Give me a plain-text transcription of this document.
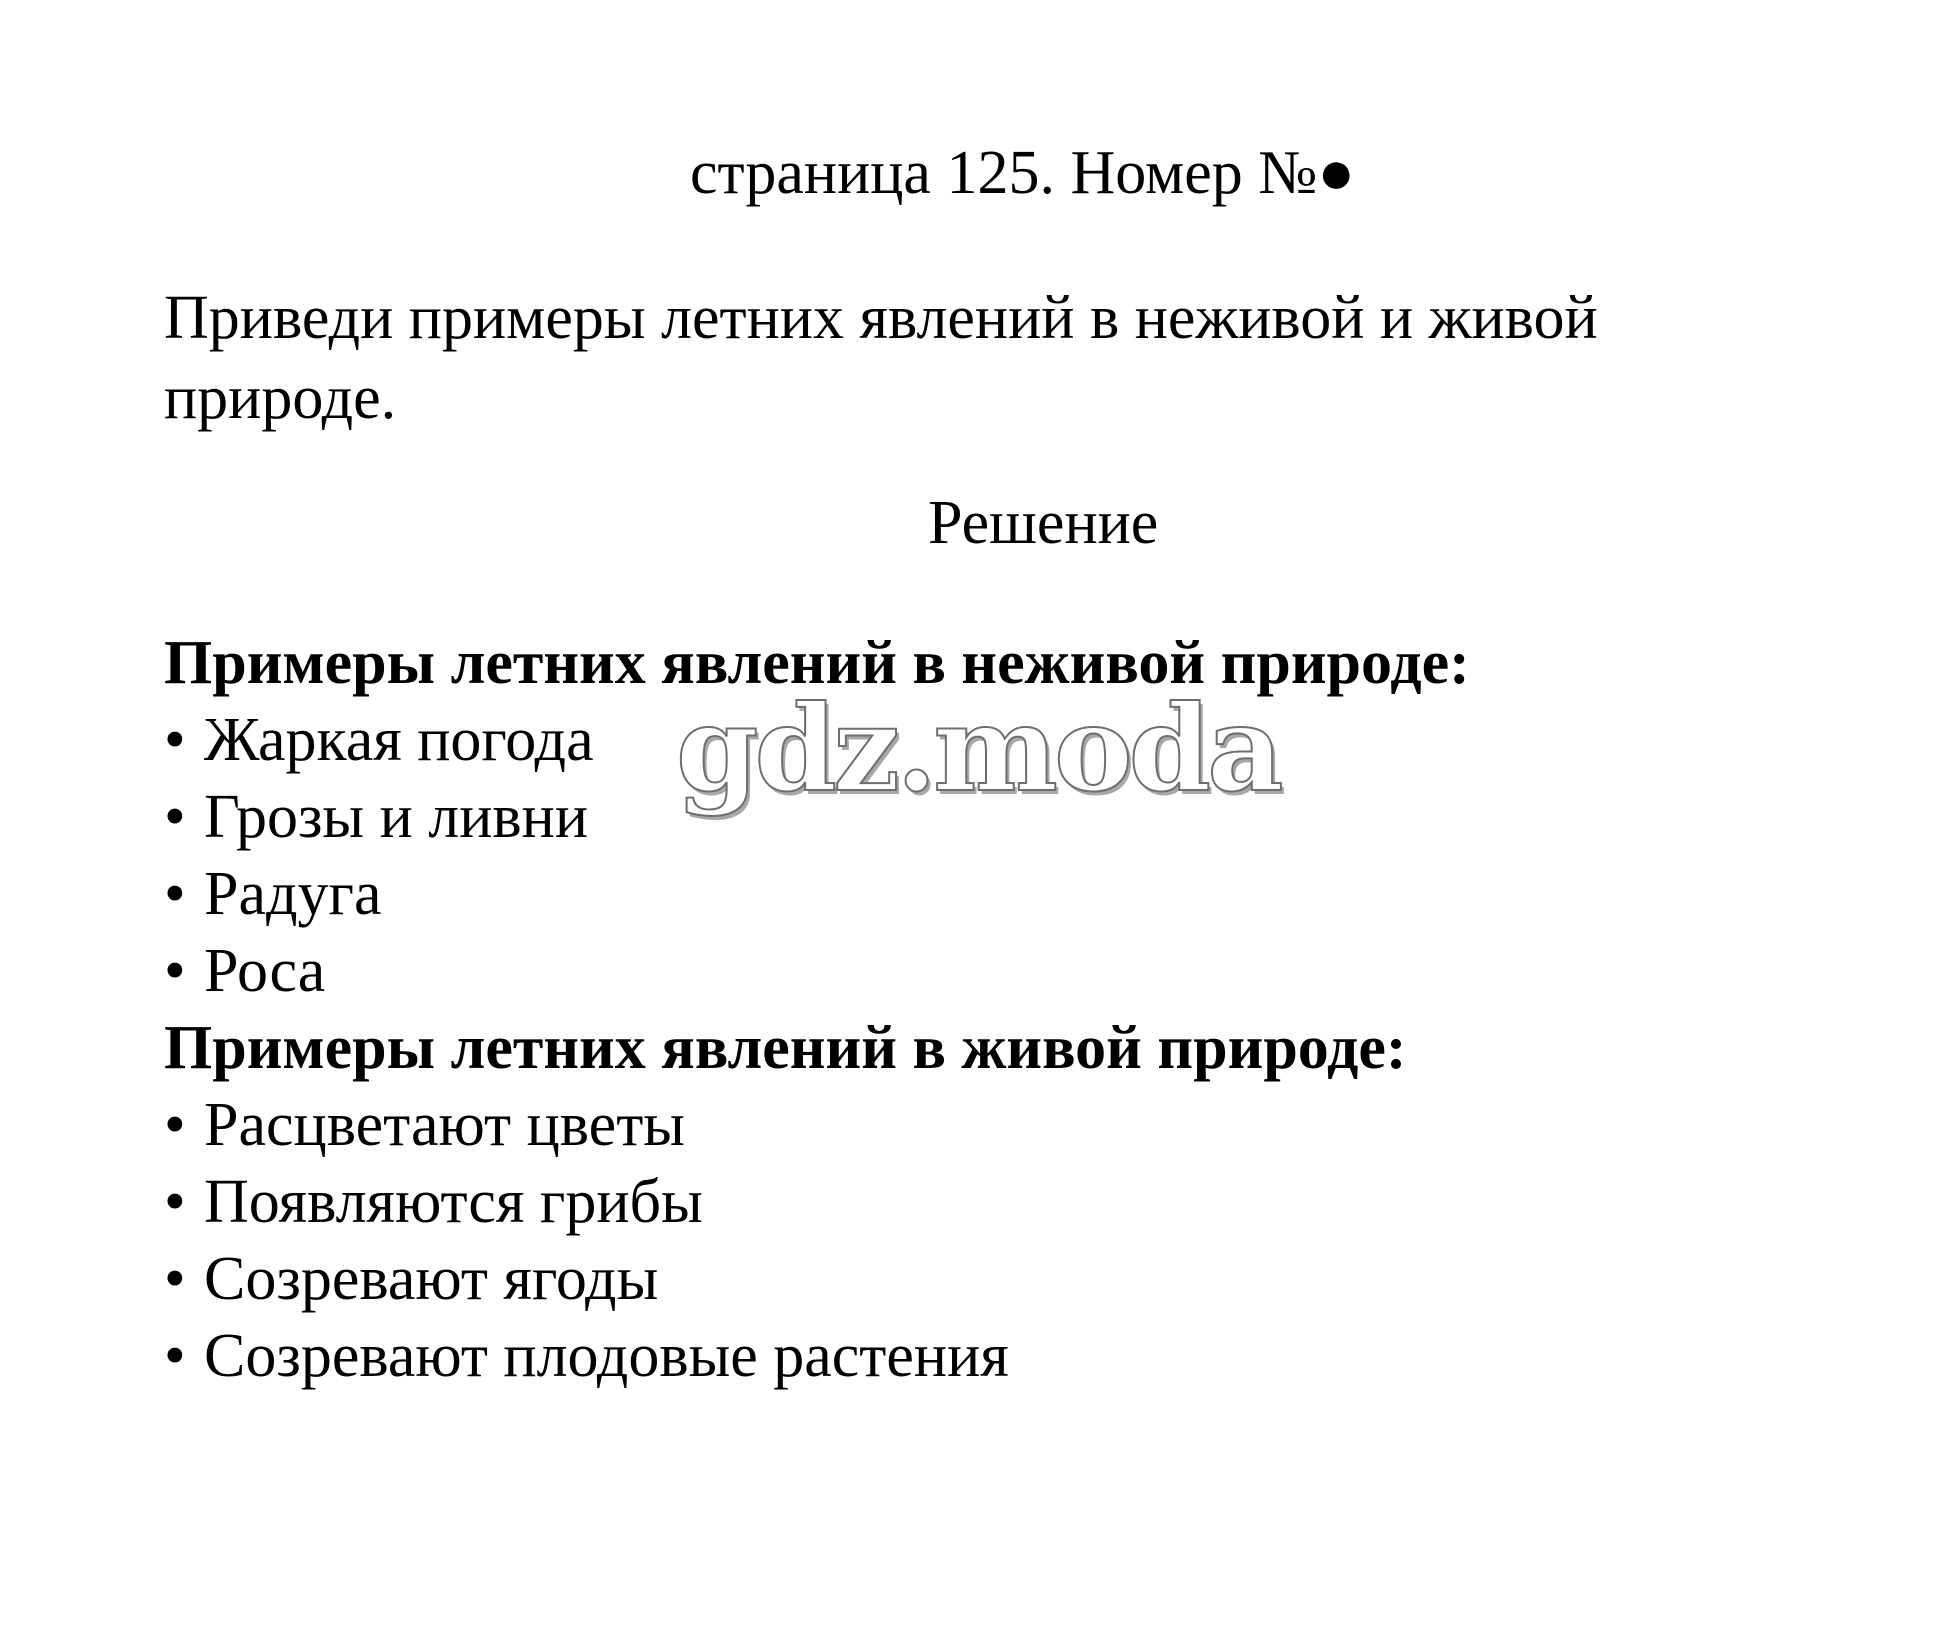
страница 125. Номер №●
Приведи примеры летних явлений в неживой и живой природе.
Решение
Примеры летних явлений в неживой природе:
• Жаркая погода
• Грозы и ливни
• Радуга
• Роса
Примеры летних явлений в живой природе:
• Расцветают цветы
• Появляются грибы
• Созревают ягоды
• Созревают плодовые растения
gdz.moda
